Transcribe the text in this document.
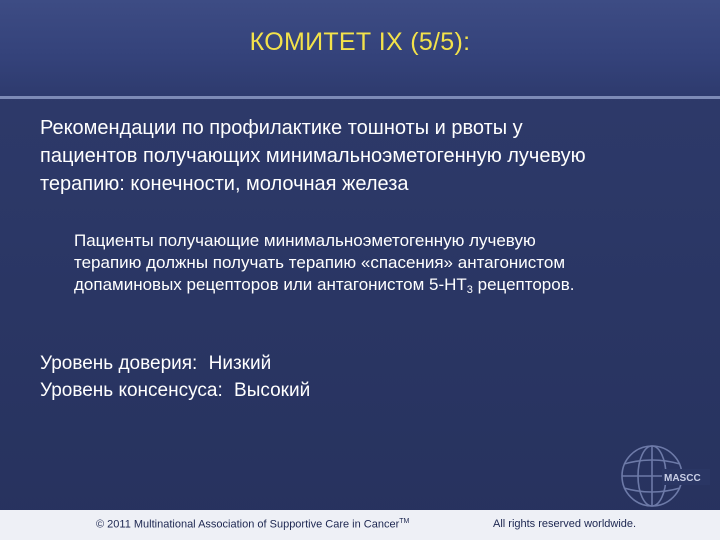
КОМИТЕТ IX (5/5):
Рекомендации по профилактике тошноты и рвоты у
пациентов получающих минимальноэметогенную лучевую
терапию: конечности, молочная железа
Пациенты получающие минимальноэметогенную лучевую
терапию должны получать терапию «спасения» антагонистом
допаминовых рецепторов или антагонистом $5-НТ_3$ рецепторов.
Уровень доверия: Низкий
Уровень консенсуса: Высокий
MASCC
© 2011 Multinational Association of Supportive Care in Cancer™	All rights reserved worldwide.
